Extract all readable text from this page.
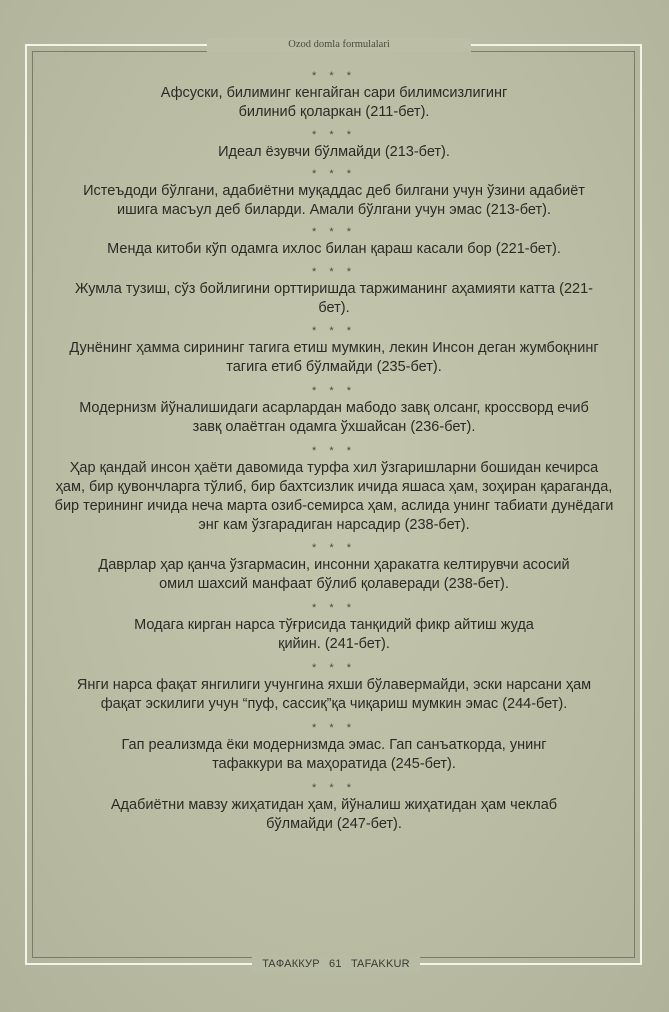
Ozod domla formulalari
* * *
Афсуски, билиминг кенгайган сари билимсизлигинг билиниб қоларкан (211-бет).
* * *
Идеал ёзувчи бўлмайди (213-бет).
* * *
Истеъдоди бўлгани, адабиётни муқаддас деб билгани учун ўзини адабиёт ишига масъул деб биларди. Амали бўлгани учун эмас (213-бет).
* * *
Менда китоби кўп одамга ихлос билан қараш касали бор (221-бет).
* * *
Жумла тузиш, сўз бойлигини орттиришда таржиманинг аҳамияти катта (221-бет).
* * *
Дунёнинг ҳамма сирининг тагига етиш мумкин, лекин Инсон деган жумбоқнинг тагига етиб бўлмайди (235-бет).
* * *
Модернизм йўналишидаги асарлардан мабодо завқ олсанг, кроссворд ечиб завқ олаётган одамга ўхшайсан (236-бет).
* * *
Ҳар қандай инсон ҳаёти давомида турфа хил ўзгаришларни бошидан кечирса ҳам, бир қувончларга тўлиб, бир бахтсизлик ичида яшаса ҳам, зоҳиран қараганда, бир терининг ичида неча марта озиб-семирса ҳам, аслида унинг табиати дунёдаги энг кам ўзгарадиган нарсадир (238-бет).
* * *
Даврлар ҳар қанча ўзгармасин, инсонни ҳаракатга келтирувчи асосий омил шахсий манфаат бўлиб қолаверади (238-бет).
* * *
Модага кирган нарса тўғрисида танқидий фикр айтиш жуда қийин. (241-бет).
* * *
Янги нарса фақат янгилиги учунгина яхши бўлавермайди, эски нарсани ҳам фақат эскилиги учун “пуф, сассиқ”қа чиқариш мумкин эмас (244-бет).
* * *
Гап реализмда ёки модернизмда эмас. Гап санъаткорда, унинг тафаккури ва маҳоратида (245-бет).
* * *
Адабиётни мавзу жиҳатидан ҳам, йўналиш жиҳатидан ҳам чеклаб бўлмайди (247-бет).
TAФАККУР 61 TAFAKKUR
